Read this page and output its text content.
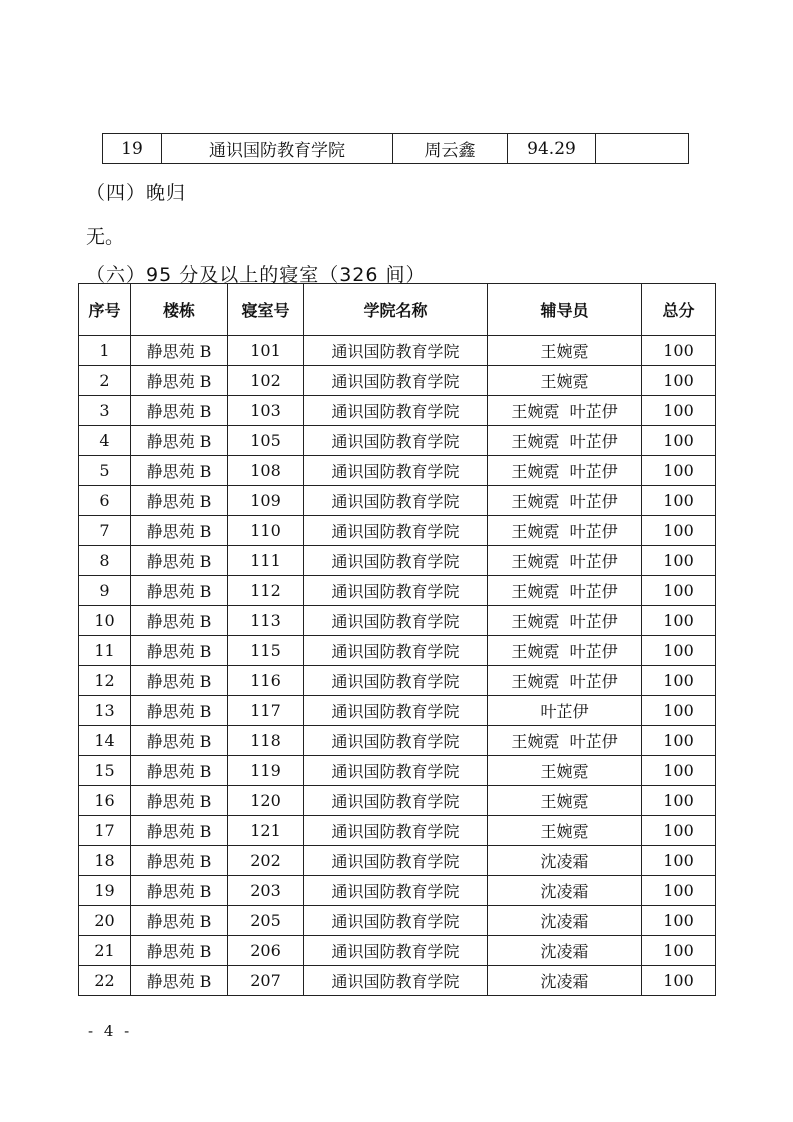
19	通识国防教育学院	周云鑫	94.29	

（四）晚归

无。

（六）95 分及以上的寝室（326 间）

序号	楼栋	寝室号	学院名称	辅导员	总分
1	静思苑 B	101	通识国防教育学院	王婉霓	100
2	静思苑 B	102	通识国防教育学院	王婉霓	100
3	静思苑 B	103	通识国防教育学院	王婉霓  叶芷伊	100
4	静思苑 B	105	通识国防教育学院	王婉霓  叶芷伊	100
5	静思苑 B	108	通识国防教育学院	王婉霓  叶芷伊	100
6	静思苑 B	109	通识国防教育学院	王婉霓  叶芷伊	100
7	静思苑 B	110	通识国防教育学院	王婉霓  叶芷伊	100
8	静思苑 B	111	通识国防教育学院	王婉霓  叶芷伊	100
9	静思苑 B	112	通识国防教育学院	王婉霓  叶芷伊	100
10	静思苑 B	113	通识国防教育学院	王婉霓  叶芷伊	100
11	静思苑 B	115	通识国防教育学院	王婉霓  叶芷伊	100
12	静思苑 B	116	通识国防教育学院	王婉霓  叶芷伊	100
13	静思苑 B	117	通识国防教育学院	叶芷伊	100
14	静思苑 B	118	通识国防教育学院	王婉霓  叶芷伊	100
15	静思苑 B	119	通识国防教育学院	王婉霓	100
16	静思苑 B	120	通识国防教育学院	王婉霓	100
17	静思苑 B	121	通识国防教育学院	王婉霓	100
18	静思苑 B	202	通识国防教育学院	沈凌霜	100
19	静思苑 B	203	通识国防教育学院	沈凌霜	100
20	静思苑 B	205	通识国防教育学院	沈凌霜	100
21	静思苑 B	206	通识国防教育学院	沈凌霜	100
22	静思苑 B	207	通识国防教育学院	沈凌霜	100
- 4 -
